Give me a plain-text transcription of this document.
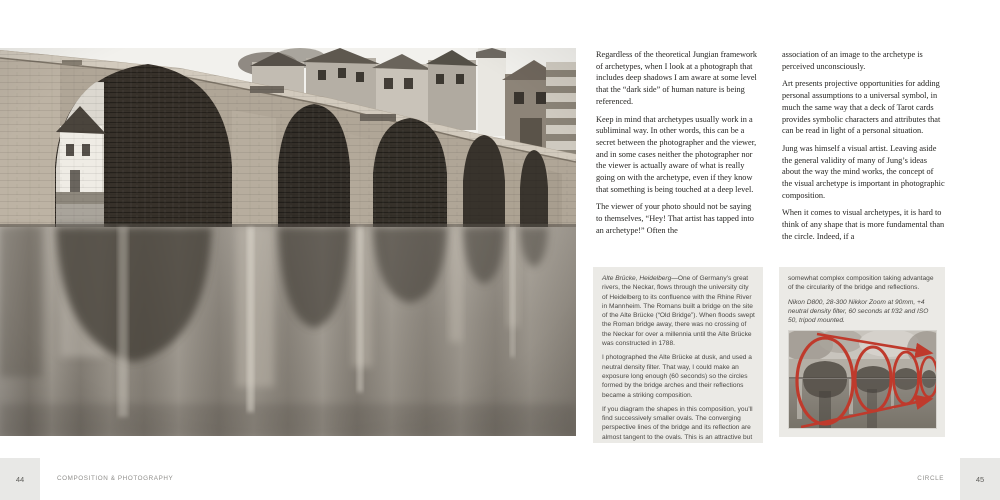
Regardless of the theoretical Jungian framework of archetypes, when I look at a photograph that includes deep shadows I am aware at some level that the “dark side” of human nature is being referenced.

Keep in mind that archetypes usually work in a subliminal way. In other words, this can be a secret between the photographer and the viewer, and in some cases neither the photographer nor the viewer is actually aware of what is really going on with the archetype, even if they know that something is being touched at a deep level.

The viewer of your photo should not be saying to themselves, “Hey! That artist has tapped into an archetype!” Often the

association of an image to the archetype is perceived unconsciously.

Art presents projective opportunities for adding personal assumptions to a universal symbol, in much the same way that a deck of Tarot cards provides symbolic characters and attributes that can be read in light of a personal situation.

Jung was himself a visual artist. Leaving aside the general validity of many of Jung’s ideas about the way the mind works, the concept of the visual archetype is important in photographic composition.

When it comes to visual archetypes, it is hard to think of any shape that is more fundamental than the circle. Indeed, if a

Alte Brücke, Heidelberg—One of Germany’s great rivers, the Neckar, flows through the university city of Heidelberg to its confluence with the Rhine River in Mannheim. The Romans built a bridge on the site of the Alte Brücke (“Old Bridge”). When floods swept the Roman bridge away, there was no crossing of the Neckar for over a millennia until the Alte Brücke was constructed in 1788.

I photographed the Alte Brücke at dusk, and used a neutral density filter. That way, I could make an exposure long enough (60 seconds) so the circles formed by the bridge arches and their reflections became a striking composition.

If you diagram the shapes in this composition, you’ll find successively smaller ovals. The converging perspective lines of the bridge and its reflection are almost tangent to the ovals. This is an attractive but

somewhat complex composition taking advantage of the circularity of the bridge and reflections.

Nikon D800, 28-300 Nikkor Zoom at 90mm, +4 neutral density filter, 60 seconds at f/32 and ISO 50, tripod mounted.

44	COMPOSITION & PHOTOGRAPHY	CIRCLE	45
